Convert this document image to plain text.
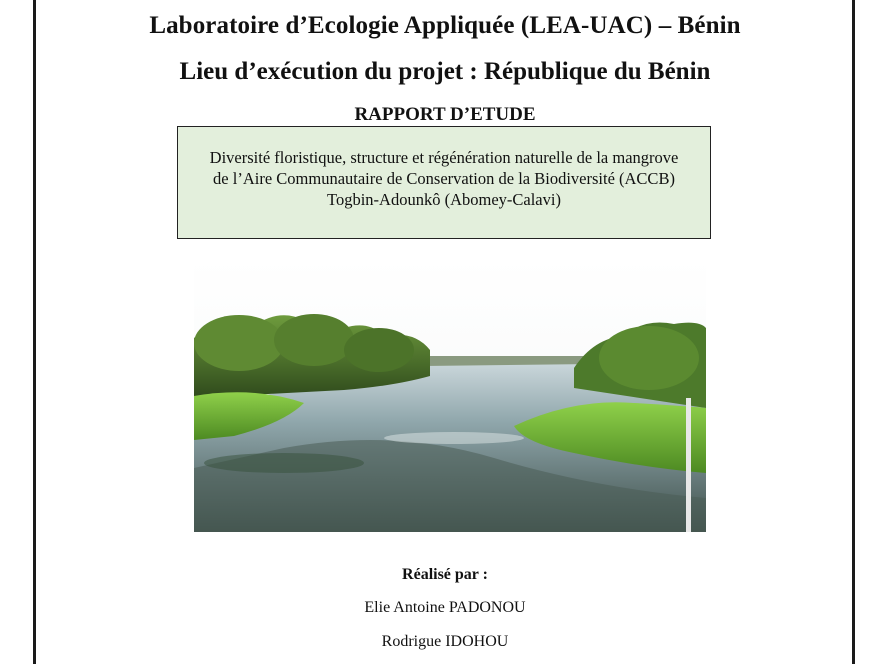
Laboratoire d’Ecologie Appliquée (LEA-UAC) – Bénin
Lieu d’exécution du projet : République du Bénin
RAPPORT D’ETUDE
Diversité floristique, structure et régénération naturelle de la mangrove
de l’Aire Communautaire de Conservation de la Biodiversité (ACCB)
Togbin-Adounkô (Abomey-Calavi)
Réalisé par :
Elie Antoine PADONOU
Rodrigue IDOHOU
